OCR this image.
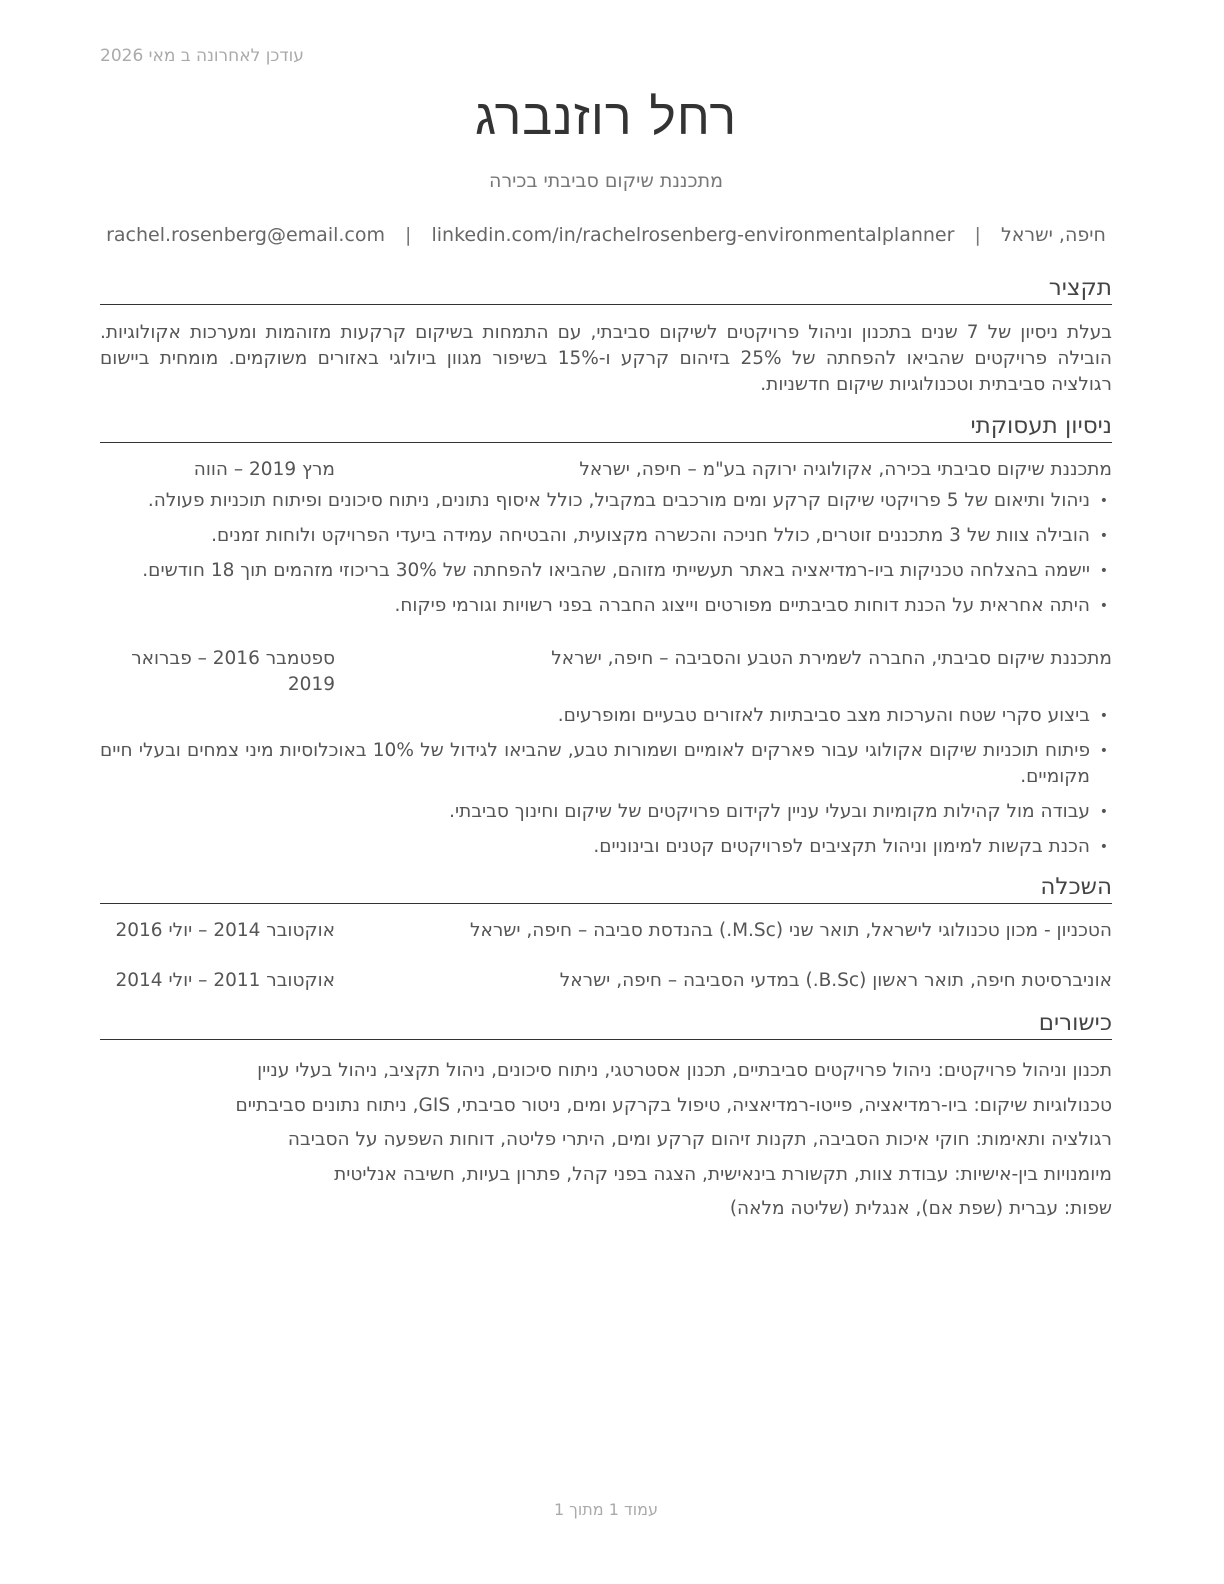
עודכן לאחרונה ב מאי 2026
רחל רוזנברג
מתכננת שיקום סביבתי בכירה
חיפה, ישראל | rachel.rosenberg@email.com | linkedin.com/in/rachelrosenberg-environmentalplanner
תקציר
בעלת ניסיון של 7 שנים בתכנון וניהול פרויקטים לשיקום סביבתי, עם התמחות בשיקום קרקעות מזוהמות ומערכות אקולוגיות. הובילה פרויקטים שהביאו להפחתה של 25% בזיהום קרקע ו-15% בשיפור מגוון ביולוגי באזורים משוקמים. מומחית ביישום רגולציה סביבתית וטכנולוגיות שיקום חדשניות.
ניסיון תעסוקתי
מתכננת שיקום סביבתי בכירה, אקולוגיה ירוקה בע"מ – חיפה, ישראל
מרץ 2019 – הווה
• ניהול ותיאום של 5 פרויקטי שיקום קרקע ומים מורכבים במקביל, כולל איסוף נתונים, ניתוח סיכונים ופיתוח תוכניות פעולה.
• הובילה צוות של 3 מתכננים זוטרים, כולל חניכה והכשרה מקצועית, והבטיחה עמידה ביעדי הפרויקט ולוחות זמנים.
• יישמה בהצלחה טכניקות ביו-רמדיאציה באתר תעשייתי מזוהם, שהביאו להפחתה של 30% בריכוזי מזהמים תוך 18 חודשים.
• היתה אחראית על הכנת דוחות סביבתיים מפורטים וייצוג החברה בפני רשויות וגורמי פיקוח.
מתכננת שיקום סביבתי, החברה לשמירת הטבע והסביבה – חיפה, ישראל
ספטמבר 2016 – פברואר 2019
• ביצוע סקרי שטח והערכות מצב סביבתיות לאזורים טבעיים ומופרעים.
• פיתוח תוכניות שיקום אקולוגי עבור פארקים לאומיים ושמורות טבע, שהביאו לגידול של 10% באוכלוסיות מיני צמחים ובעלי חיים מקומיים.
• עבודה מול קהילות מקומיות ובעלי עניין לקידום פרויקטים של שיקום וחינוך סביבתי.
• הכנת בקשות למימון וניהול תקציבים לפרויקטים קטנים ובינוניים.
השכלה
הטכניון - מכון טכנולוגי לישראל, תואר שני (M.Sc.) בהנדסת סביבה – חיפה, ישראל
אוקטובר 2014 – יולי 2016
אוניברסיטת חיפה, תואר ראשון (B.Sc.) במדעי הסביבה – חיפה, ישראל
אוקטובר 2011 – יולי 2014
כישורים
תכנון וניהול פרויקטים: ניהול פרויקטים סביבתיים, תכנון אסטרטגי, ניתוח סיכונים, ניהול תקציב, ניהול בעלי עניין
טכנולוגיות שיקום: ביו-רמדיאציה, פייטו-רמדיאציה, טיפול בקרקע ומים, ניטור סביבתי, GIS, ניתוח נתונים סביבתיים
רגולציה ותאימות: חוקי איכות הסביבה, תקנות זיהום קרקע ומים, היתרי פליטה, דוחות השפעה על הסביבה
מיומנויות בין-אישיות: עבודת צוות, תקשורת בינאישית, הצגה בפני קהל, פתרון בעיות, חשיבה אנליטית
שפות: עברית (שפת אם), אנגלית (שליטה מלאה)
עמוד 1 מתוך 1
